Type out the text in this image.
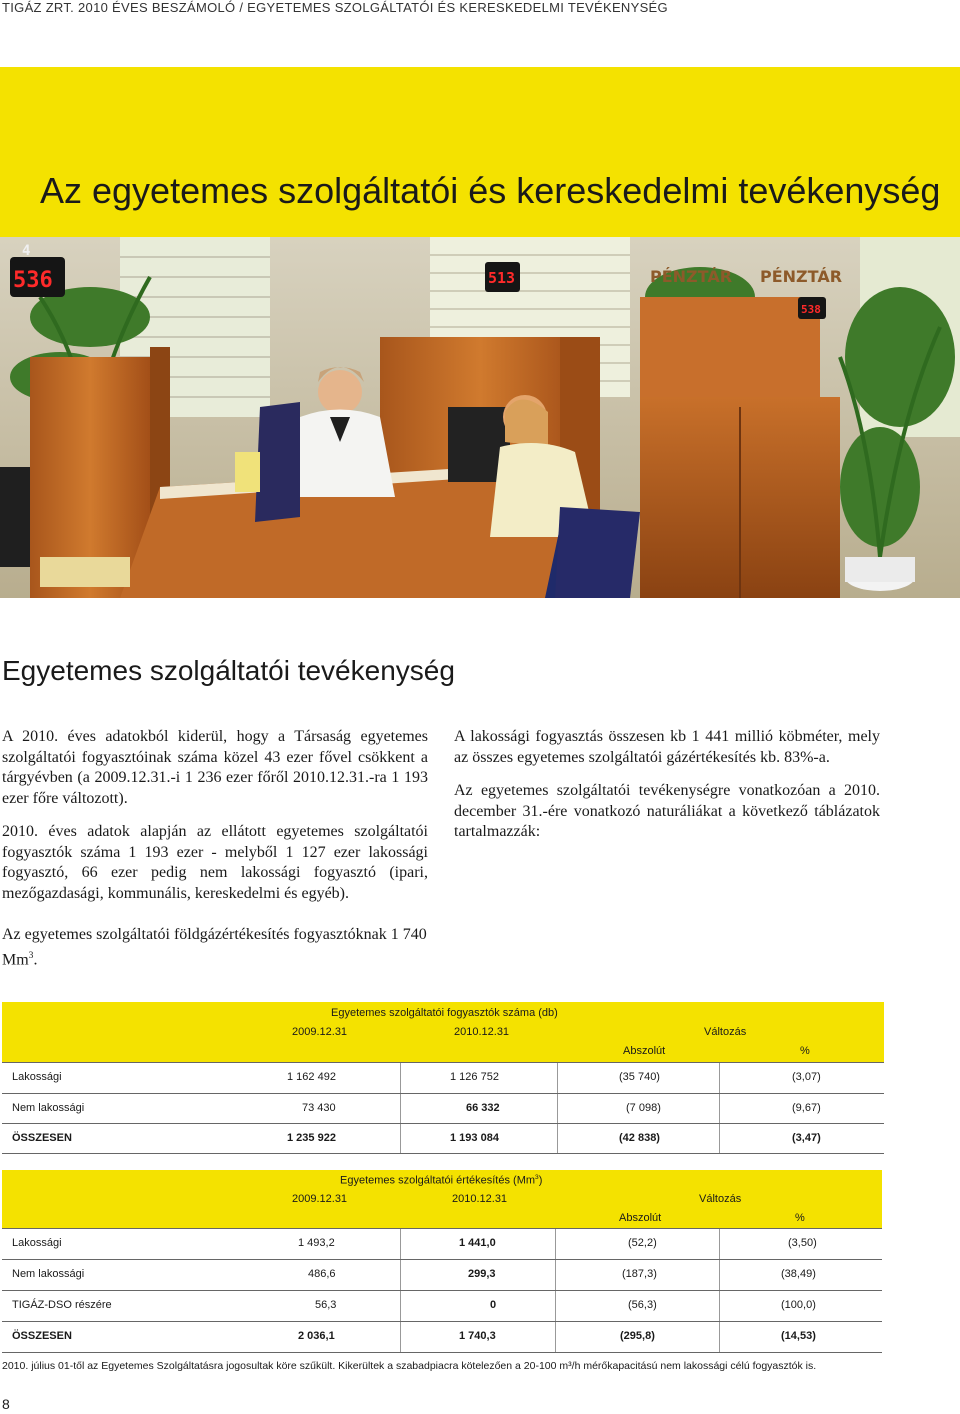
TIGÁZ ZRT. 2010 ÉVES BESZÁMOLÓ / EGYETEMES SZOLGÁLTATÓI ÉS KERESKEDELMI TEVÉKENYSÉG
Az egyetemes szolgáltatói és kereskedelmi tevékenység
4
536	513
538
PÉNZTÁR PÉNZTÁR
Egyetemes szolgáltatói tevékenység

A 2010. éves adatokból kiderül, hogy a Társaság egyetemes szolgáltatói fogyasztóinak száma közel 43 ezer fővel csökkent a tárgyévben (a 2009.12.31.-i 1 236 ezer főről 2010.12.31.-ra 1 193 ezer főre változott).

2010. éves adatok alapján az ellátott egyetemes szolgáltatói fogyasztók száma 1 193 ezer - melyből 1 127 ezer lakossági fogyasztó, 66 ezer pedig nem lakossági fogyasztó (ipari, mezőgazdasági, kommunális, kereskedelmi és egyéb).

A lakossági fogyasztás összesen kb 1 441 millió köbméter, mely az összes egyetemes szolgáltatói gázértékesítés kb. 83%-a.

Az egyetemes szolgáltatói tevékenységre vonatkozóan a 2010. december 31.-ére vonatkozó naturáliákat a következő táblázatok tartalmazzák:

Az egyetemes szolgáltatói földgázértékesítés fogyasztóknak 1 740 Mm$^3$.
Egyetemes szolgáltatói fogyasztók száma (db)
2009.12.31	2010.12.31	Változás
Abszolút	%
Lakossági	1 162 492	1 126 752	(35 740)	(3,07)
Nem lakossági	73 430	66 332	(7 098)	(9,67)
ÖSSZESEN	1 235 922	1 193 084	(42 838)	(3,47)
Egyetemes szolgáltatói értékesítés (Mm$^3$)
2009.12.31	2010.12.31	Változás
Abszolút	%
Lakossági	1 493,2	1 441,0	(52,2)	(3,50)
Nem lakossági	486,6	299,3	(187,3)	(38,49)
TIGÁZ-DSO részére	56,3	0	(56,3)	(100,0)
ÖSSZESEN	2 036,1	1 740,3	(295,8)	(14,53)
2010. július 01-től az Egyetemes Szolgáltatásra jogosultak köre szűkült. Kikerültek a szabadpiacra kötelezően a 20-100 m³/h mérőkapacitású nem lakossági célú fogyasztók is.
8
